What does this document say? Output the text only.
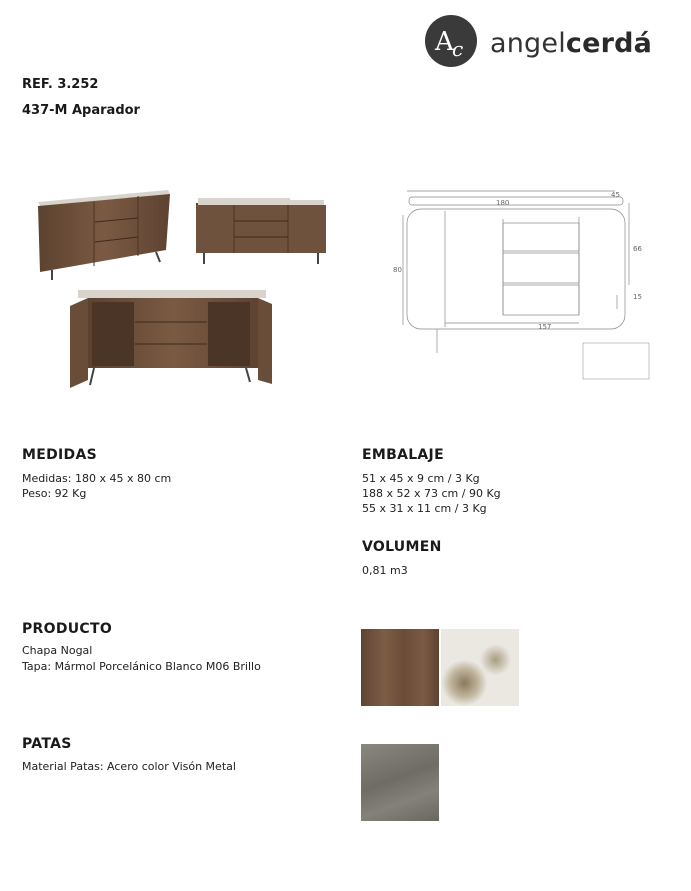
A
c angelcerdá
REF. 3.252
437-M Aparador
180
45
80
66
15
157
MEDIDAS
Medidas: 180 x 45 x 80 cm
Peso: 92 Kg
EMBALAJE
51 x 45 x 9 cm / 3 Kg
188 x 52 x 73 cm / 90 Kg
55 x 31 x 11 cm / 3 Kg
VOLUMEN
0,81 m3
PRODUCTO
Chapa Nogal
Tapa: Mármol Porcelánico Blanco M06 Brillo
PATAS
Material Patas: Acero color Visón Metal
